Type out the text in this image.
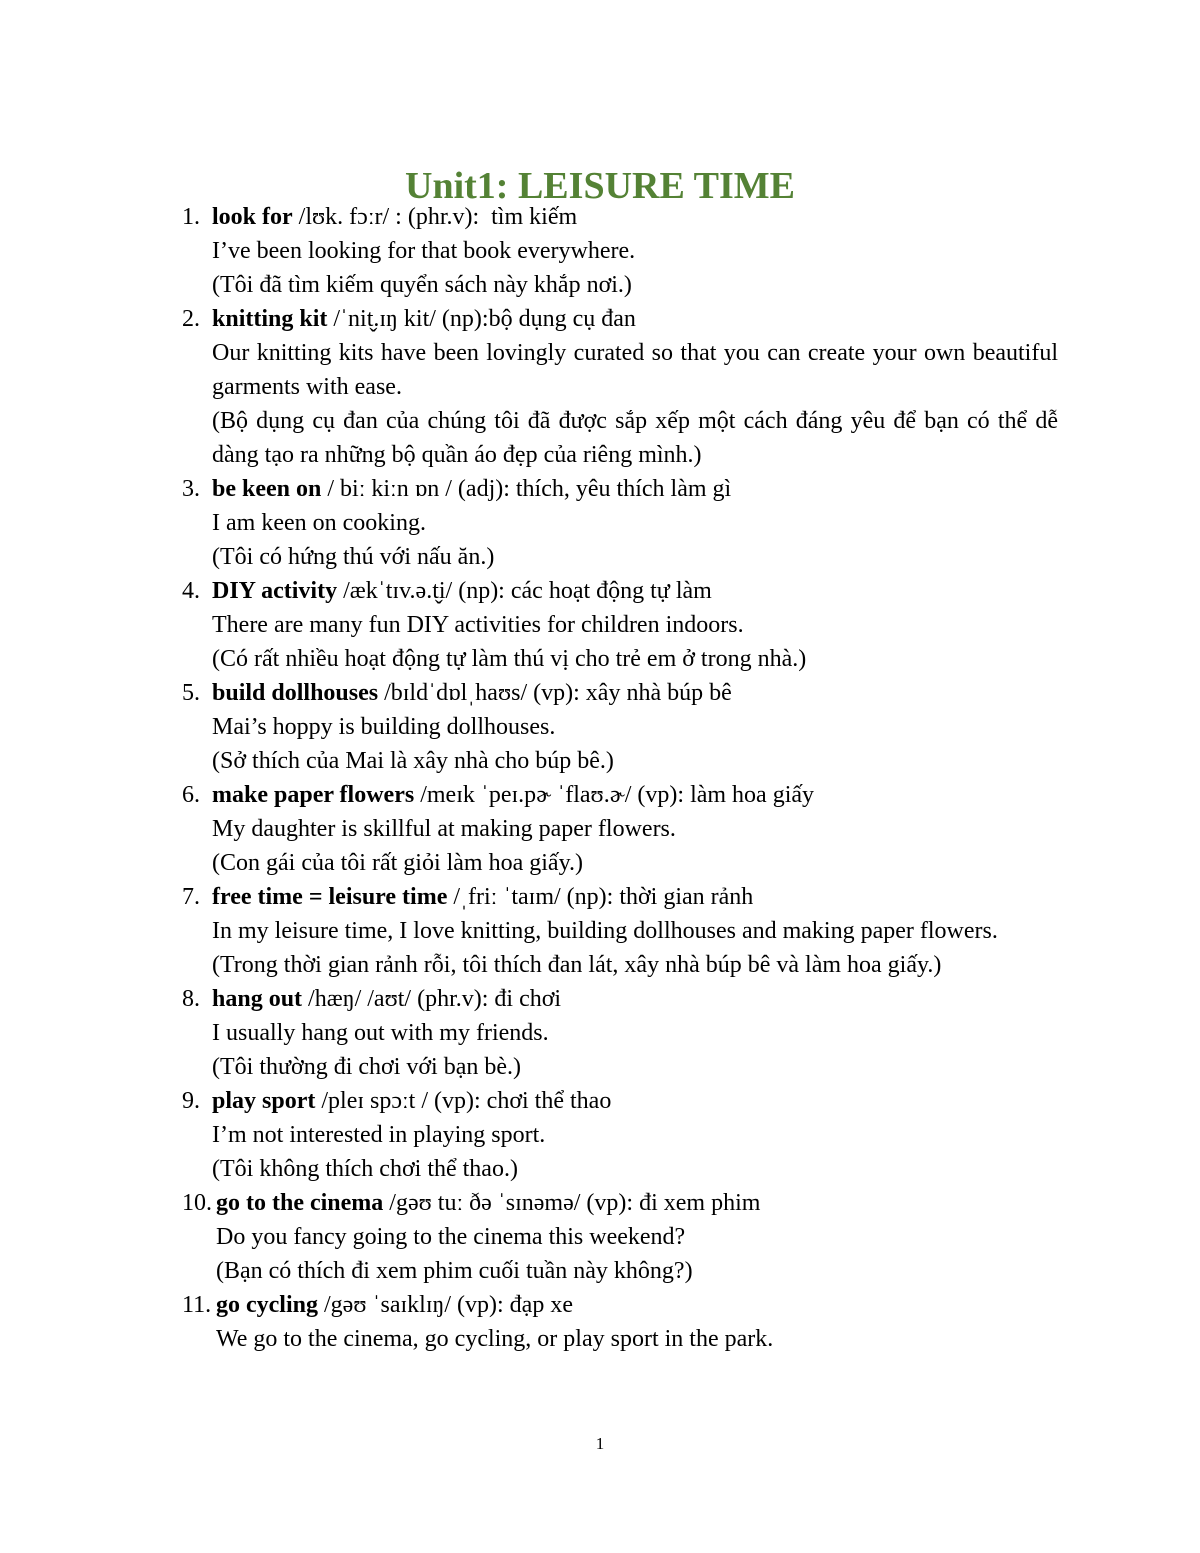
Unit1: LEISURE TIME
1. look for /lʊk. fɔːr/ : (phr.v):  tìm kiếm
I’ve been looking for that book everywhere.
(Tôi đã tìm kiếm quyển sách này khắp nơi.)
2. knitting kit /ˈnit̬.ɪŋ kit/ (np):bộ dụng cụ đan
Our knitting kits have been lovingly curated so that you can create your own beautiful garments with ease.
(Bộ dụng cụ đan của chúng tôi đã được sắp xếp một cách đáng yêu để bạn có thể dễ dàng tạo ra những bộ quần áo đẹp của riêng mình.)
3. be keen on / biː kiːn ɒn / (adj): thích, yêu thích làm gì
I am keen on cooking.
(Tôi có hứng thú với nấu ăn.)
4. DIY activity /ækˈtɪv.ə.t̬i/ (np): các hoạt động tự làm
There are many fun DIY activities for children indoors.
(Có rất nhiều hoạt động tự làm thú vị cho trẻ em ở trong nhà.)
5. build dollhouses /bɪldˈdɒlˌhaʊs/ (vp): xây nhà búp bê
Mai’s hoppy is building dollhouses.
(Sở thích của Mai là xây nhà cho búp bê.)
6. make paper flowers /meɪk ˈpeɪ.pɚ ˈflaʊ.ɚ/ (vp): làm hoa giấy
My daughter is skillful at making paper flowers.
(Con gái của tôi rất giỏi làm hoa giấy.)
7. free time = leisure time /ˌfriː ˈtaɪm/ (np): thời gian rảnh
In my leisure time, I love knitting, building dollhouses and making paper flowers.
(Trong thời gian rảnh rỗi, tôi thích đan lát, xây nhà búp bê và làm hoa giấy.)
8. hang out /hæŋ/ /aʊt/ (phr.v): đi chơi
I usually hang out with my friends.
(Tôi thường đi chơi với bạn bè.)
9. play sport /pleɪ spɔːt / (vp): chơi thể thao
I’m not interested in playing sport.
(Tôi không thích chơi thể thao.)
10. go to the cinema /gəʊ tuː ðə ˈsɪnəmə/ (vp): đi xem phim
Do you fancy going to the cinema this weekend?
(Bạn có thích đi xem phim cuối tuần này không?)
11. go cycling /gəʊ ˈsaɪklɪŋ/ (vp): đạp xe
We go to the cinema, go cycling, or play sport in the park.
1
